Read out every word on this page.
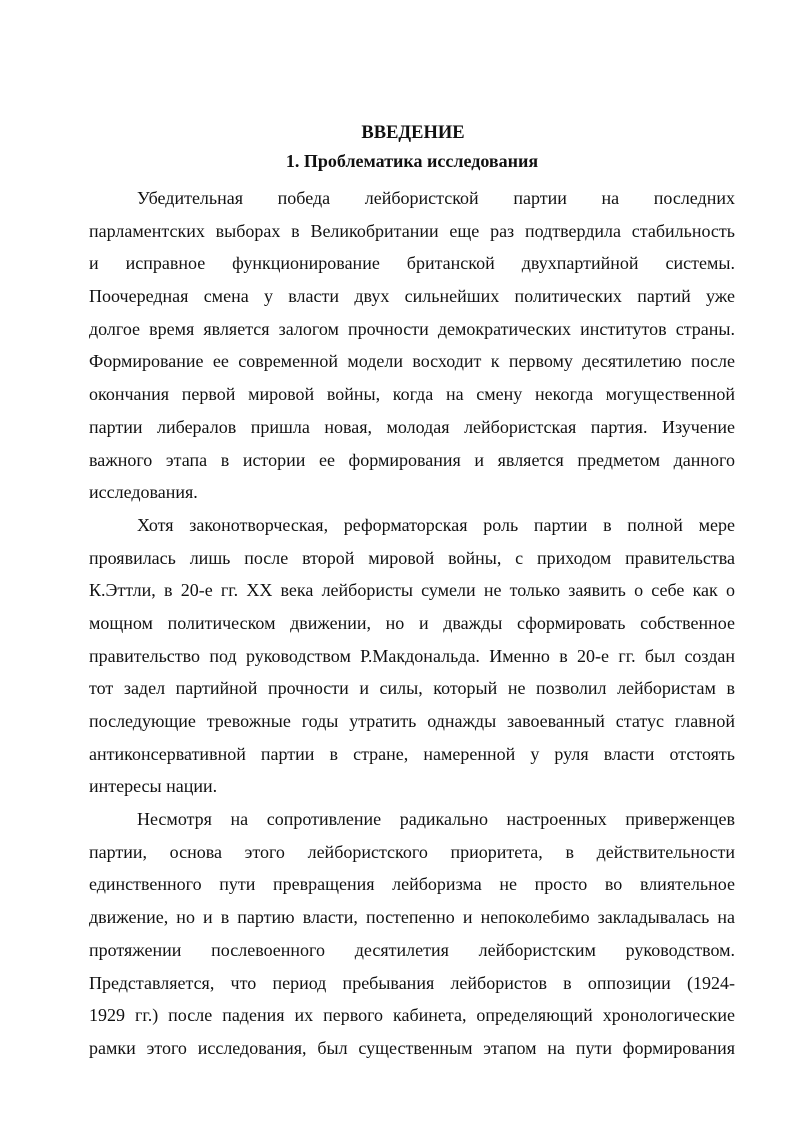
ВВЕДЕНИЕ
1. Проблематика исследования

Убедительная победа лейбористской партии на последних

парламентских выборах в Великобритании еще раз подтвердила стабильность

и исправное функционирование британской двухпартийной системы.

Поочередная смена у власти двух сильнейших политических партий уже

долгое время является залогом прочности демократических институтов страны.

Формирование ее современной модели восходит к первому десятилетию после

окончания первой мировой войны, когда на смену некогда могущественной

партии либералов пришла новая, молодая лейбористская партия. Изучение

важного этапа в истории ее формирования и является предметом данного

исследования.

Хотя законотворческая, реформаторская роль партии в полной мере

проявилась лишь после второй мировой войны, с приходом правительства

К.Эттли, в 20-е гг. XX века лейбористы сумели не только заявить о себе как о

мощном политическом движении, но и дважды сформировать собственное

правительство под руководством Р.Макдональда. Именно в 20-е гг. был создан

тот задел партийной прочности и силы, который не позволил лейбористам в

последующие тревожные годы утратить однажды завоеванный статус главной

антиконсервативной партии в стране, намеренной у руля власти отстоять

интересы нации.

Несмотря на сопротивление радикально настроенных приверженцев

партии, основа этого лейбористского приоритета, в действительности

единственного пути превращения лейборизма не просто во влиятельное

движение, но и в партию власти, постепенно и непоколебимо закладывалась на

протяжении послевоенного десятилетия лейбористским руководством.

Представляется, что период пребывания лейбористов в оппозиции (1924-

1929 гг.) после падения их первого кабинета, определяющий хронологические

рамки этого исследования, был существенным этапом на пути формирования
